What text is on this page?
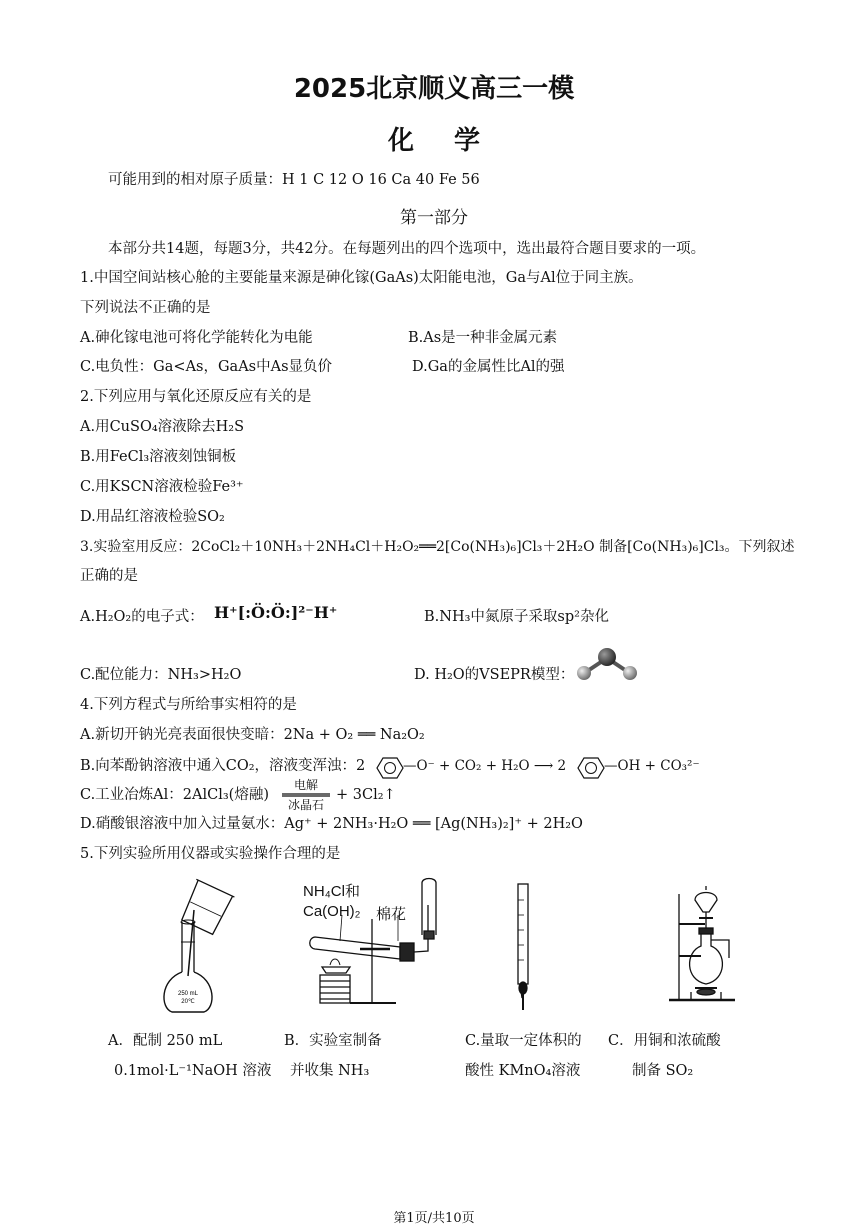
2025北京顺义高三一模
化学
可能用到的相对原子质量：H 1 C 12 O 16 Ca 40 Fe 56
第一部分
本部分共14题，每题3分，共42分。在每题列出的四个选项中，选出最符合题目要求的一项。
1.中国空间站核心舱的主要能量来源是砷化镓(GaAs)太阳能电池，Ga与Al位于同主族。
下列说法不正确的是
A.砷化镓电池可将化学能转化为电能	B.As是一种非金属元素
C.电负性：Ga<As，GaAs中As显负价	D.Ga的金属性比Al的强
2.下列应用与氧化还原反应有关的是
A.用CuSO₄溶液除去H₂S
B.用FeCl₃溶液刻蚀铜板
C.用KSCN溶液检验Fe³⁺
D.用品红溶液检验SO₂
3.实验室用反应：2CoCl₂＋10NH₃＋2NH₄Cl＋H₂O₂══2[Co(NH₃)₆]Cl₃＋2H₂O 制备[Co(NH₃)₆]Cl₃。下列叙述
正确的是
A.H₂O₂的电子式： H⁺[:Ö:Ö:]²⁻H⁺	B.NH₃中氮原子采取sp²杂化
C.配位能力：NH₃>H₂O	D. H₂O的VSEPR模型：
4.下列方程式与所给事实相符的是
A.新切开钠光亮表面很快变暗：2Na + O₂ ══ Na₂O₂
B.向苯酚钠溶液中通入CO₂，溶液变浑浊：2	—O⁻ + CO₂ + H₂O ⟶ 2	—OH + CO₃²⁻
C.工业冶炼Al：2AlCl₃(熔融)
电解
冰晶石
+ 3Cl₂↑
D.硝酸银溶液中加入过量氨水：Ag⁺ + 2NH₃·H₂O ══ [Ag(NH₃)₂]⁺ + 2H₂O
5.下列实验所用仪器或实验操作合理的是
250 mL
20℃
NH₄Cl和
Ca(OH)₂ 棉花
A．配制 250 mL
0.1mol·L⁻¹NaOH 溶液
B．实验室制备
并收集 NH₃
C.量取一定体积的
酸性 KMnO₄溶液
C．用铜和浓硫酸
制备 SO₂
第1页/共10页
